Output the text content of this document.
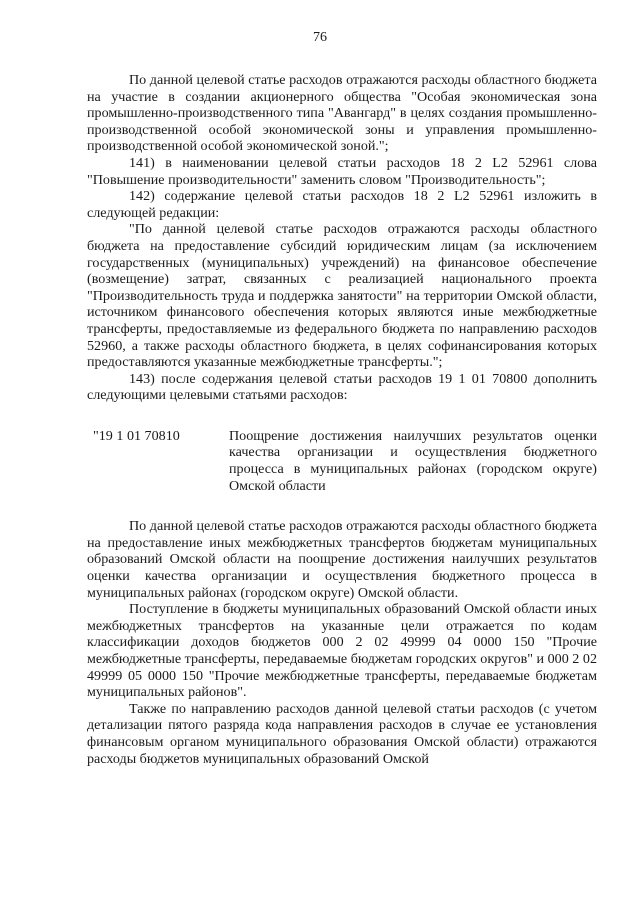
76

По данной целевой статье расходов отражаются расходы областного бюджета на участие в создании акционерного общества "Особая экономическая зона промышленно-производственного типа "Авангард" в целях создания промышленно-производственной особой экономической зоны и управления промышленно-производственной особой экономической зоной.";

141) в наименовании целевой статьи расходов 18 2 L2 52961 слова "Повышение производительности" заменить словом "Производительность";

142) содержание целевой статьи расходов 18 2 L2 52961 изложить в следующей редакции:

"По данной целевой статье расходов отражаются расходы областного бюджета на предоставление субсидий юридическим лицам (за исключением государственных (муниципальных) учреждений) на финансовое обеспечение (возмещение) затрат, связанных с реализацией национального проекта "Производительность труда и поддержка занятости" на территории Омской области, источником финансового обеспечения которых являются иные межбюджетные трансферты, предоставляемые из федерального бюджета по направлению расходов 52960, а также расходы областного бюджета, в целях софинансирования которых предоставляются указанные межбюджетные трансферты.";

143) после содержания целевой статьи расходов 19 1 01 70800 дополнить следующими целевыми статьями расходов:

"19 1 01 70810	Поощрение достижения наилучших результатов оценки качества организации и осуществления бюджетного процесса в муниципальных районах (городском округе) Омской области

По данной целевой статье расходов отражаются расходы областного бюджета на предоставление иных межбюджетных трансфертов бюджетам муниципальных образований Омской области на поощрение достижения наилучших результатов оценки качества организации и осуществления бюджетного процесса в муниципальных районах (городском округе) Омской области.

Поступление в бюджеты муниципальных образований Омской области иных межбюджетных трансфертов на указанные цели отражается по кодам классификации доходов бюджетов 000 2 02 49999 04 0000 150 "Прочие межбюджетные трансферты, передаваемые бюджетам городских округов" и 000 2 02 49999 05 0000 150 "Прочие межбюджетные трансферты, передаваемые бюджетам муниципальных районов".

Также по направлению расходов данной целевой статьи расходов (с учетом детализации пятого разряда кода направления расходов в случае ее установления финансовым органом муниципального образования Омской области) отражаются расходы бюджетов муниципальных образований Омской
